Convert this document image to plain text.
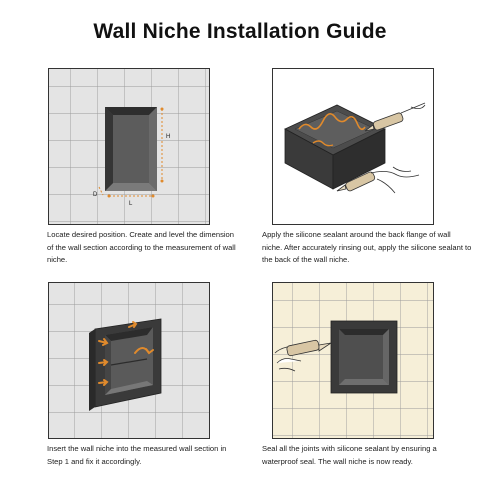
Wall Niche Installation Guide
H
D
L
Locate desired position. Create and level the dimension of the wall section according to the measurement of wall niche.
Apply the silicone sealant around the back flange of wall niche. After accurately rinsing out, apply the silicone sealant to the back of the wall niche.
Insert the wall niche into the measured wall section in Step 1 and fix it accordingly.
Seal all the joints with silicone sealant by ensuring a waterproof seal. The wall niche is now ready.
